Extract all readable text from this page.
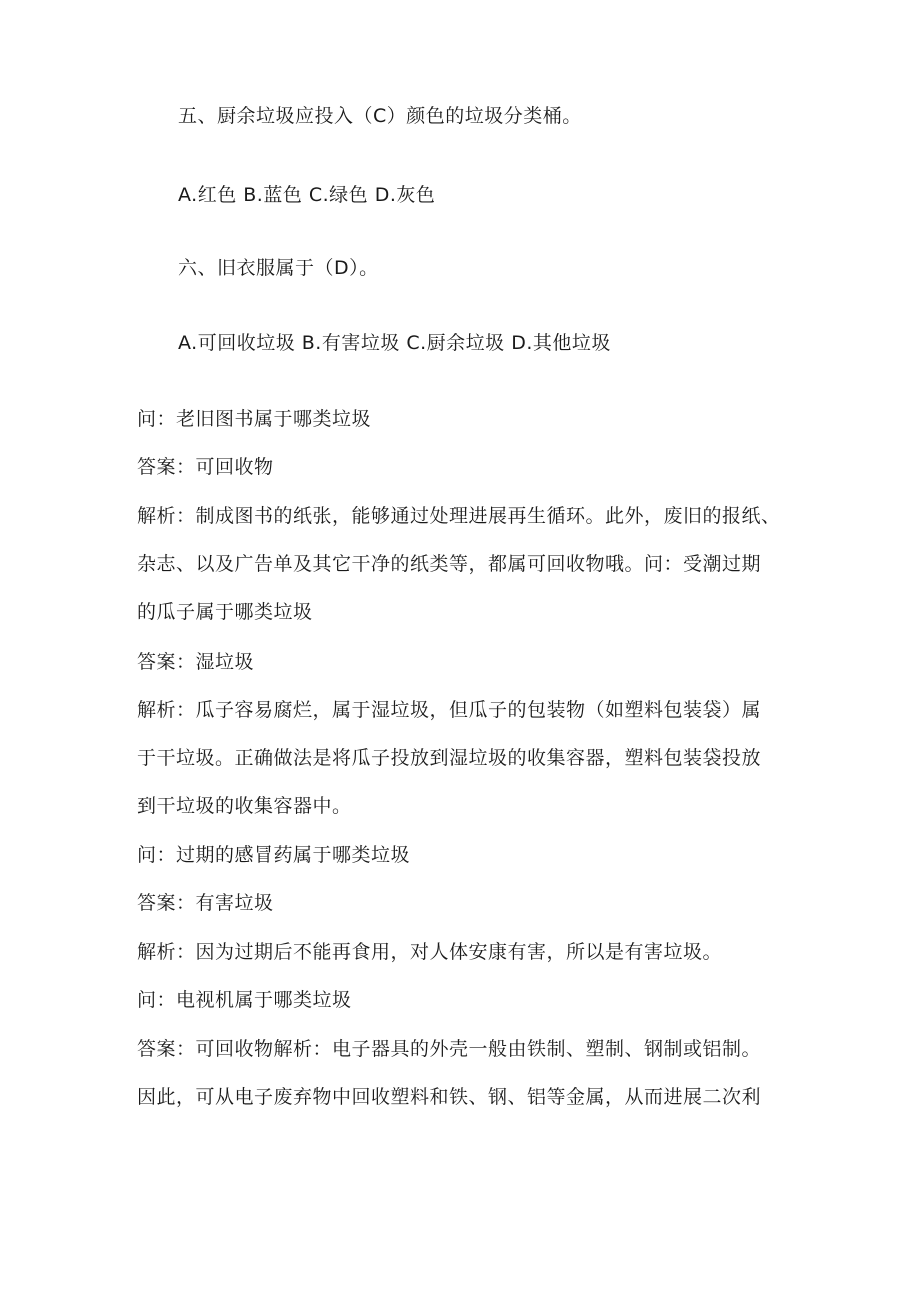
五、厨余垃圾应投入（C）颜色的垃圾分类桶。
A.红色 B.蓝色 C.绿色 D.灰色
六、旧衣服属于（D）。
A.可回收垃圾 B.有害垃圾 C.厨余垃圾 D.其他垃圾
问：老旧图书属于哪类垃圾
答案：可回收物
解析：制成图书的纸张，能够通过处理进展再生循环。此外，废旧的报纸、
杂志、以及广告单及其它干净的纸类等，都属可回收物哦。问：受潮过期
的瓜子属于哪类垃圾
答案：湿垃圾
解析：瓜子容易腐烂，属于湿垃圾，但瓜子的包装物（如塑料包装袋）属
于干垃圾。正确做法是将瓜子投放到湿垃圾的收集容器，塑料包装袋投放
到干垃圾的收集容器中。
问：过期的感冒药属于哪类垃圾
答案：有害垃圾
解析：因为过期后不能再食用，对人体安康有害，所以是有害垃圾。
问：电视机属于哪类垃圾
答案：可回收物解析：电子器具的外壳一般由铁制、塑制、钢制或铝制。
因此，可从电子废弃物中回收塑料和铁、钢、铝等金属，从而进展二次利
